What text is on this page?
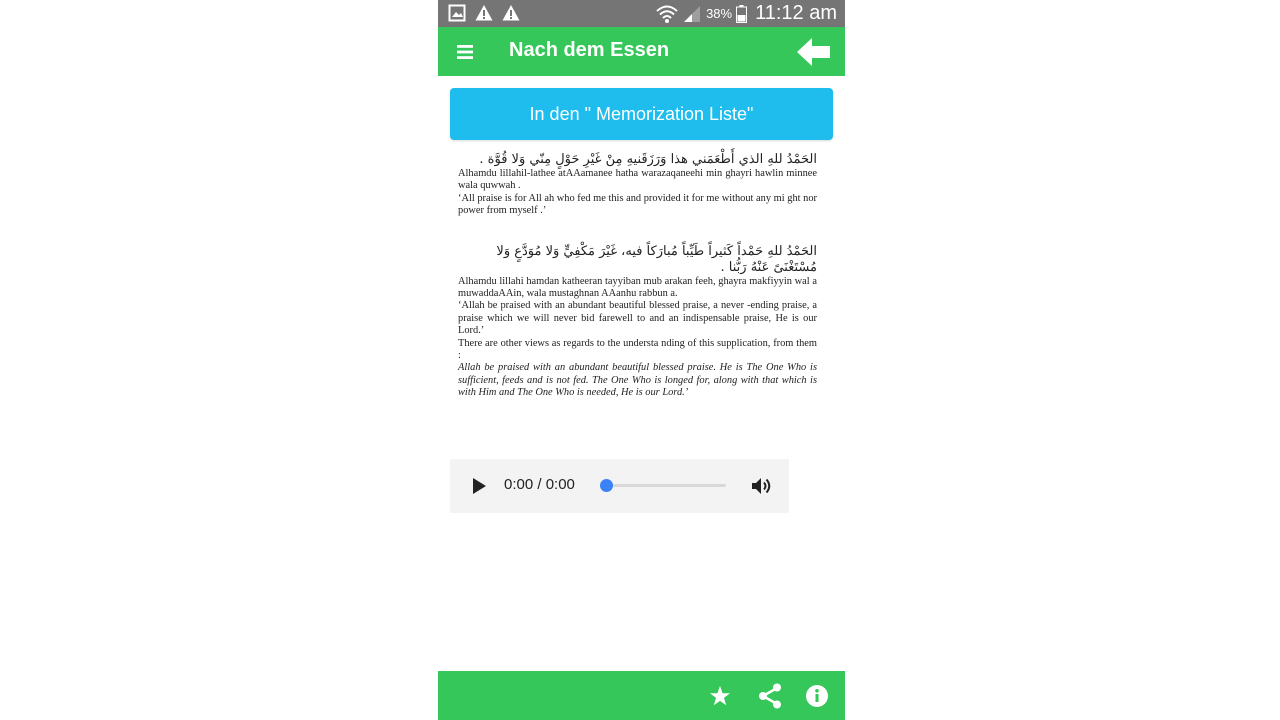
38% 11:12 am
Nach dem Essen
In den " Memorization Liste"
الحَمْدُ للهِ الذي أَطْعَمَني هذا وَرَزَقَنيهِ مِنْ غَيْرِ حَوْلٍ مِنّي وَلا قُوَّة .
Alhamdu lillahil-lathee atAAamanee hatha warazaqaneehi min ghayri hawlin minnee wala quwwah .
‘All praise is for All ah who fed me this and provided it for me without any mi ght nor power from myself .’
الحَمْدُ للهِ حَمْداً كَثيراً طَيِّباً مُبارَكاً فيه، غَيْرَ مَكْفِيٍّ وَلا مُوَدَّعٍ وَلا مُسْتَغْنَىً عَنْهُ رَبُّنا .
Alhamdu lillahi hamdan katheeran tayyiban mub arakan feeh, ghayra makfiyyin wal a muwaddaAAin, wala mustaghnan AAanhu rabbun a.
‘Allah be praised with an abundant beautiful blessed praise, a never -ending praise, a praise which we will never bid farewell to and an indispensable praise, He is our Lord.’
There are other views as regards to the understa nding of this supplication, from them :
Allah be praised with an abundant beautiful blessed praise. He is The One Who is sufficient, feeds and is not fed. The One Who is longed for, along with that which is with Him and The One Who is needed, He is our Lord.’
0:00 / 0:00
